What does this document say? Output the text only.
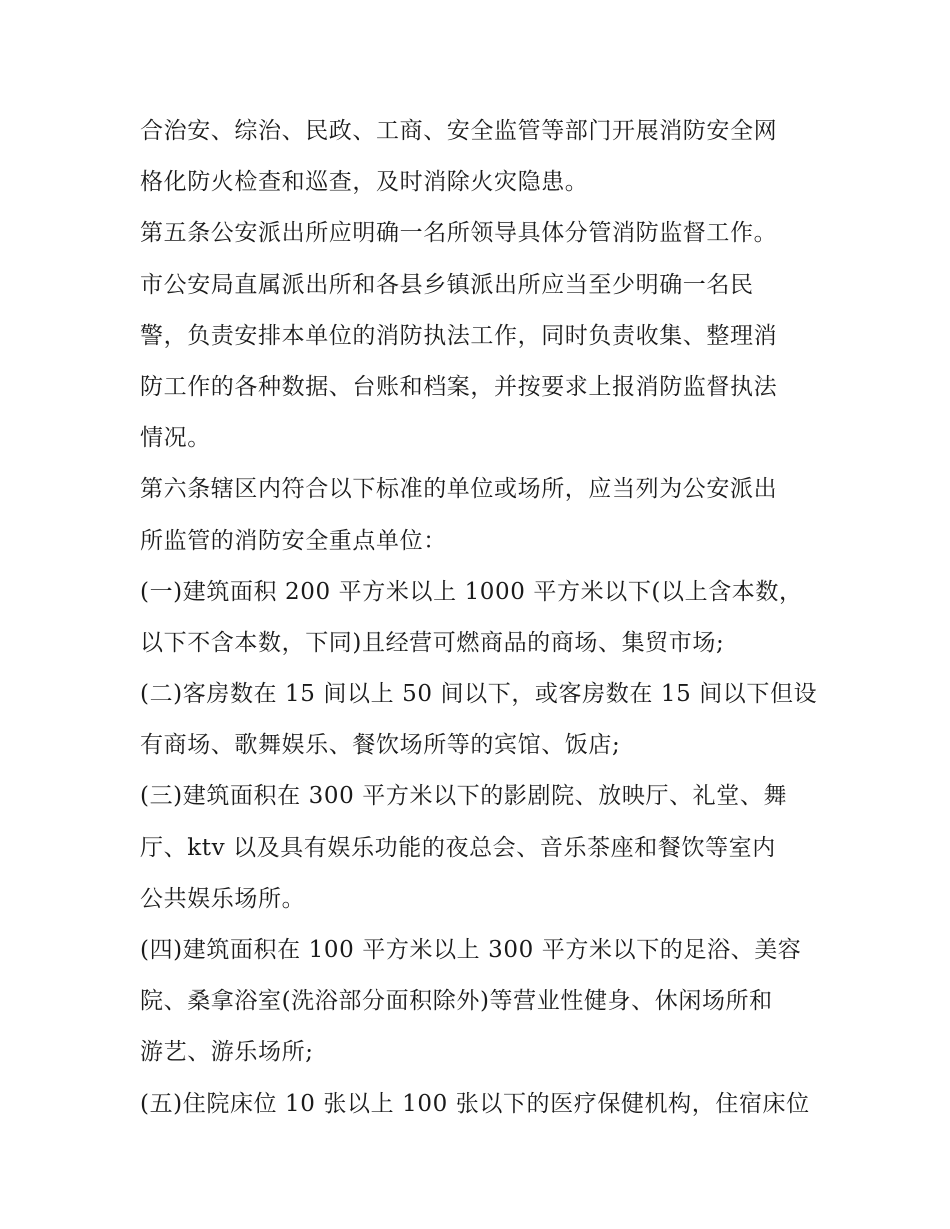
合治安、综治、民政、工商、安全监管等部门开展消防安全网
格化防火检查和巡查，及时消除火灾隐患。
第五条公安派出所应明确一名所领导具体分管消防监督工作。
市公安局直属派出所和各县乡镇派出所应当至少明确一名民
警，负责安排本单位的消防执法工作，同时负责收集、整理消
防工作的各种数据、台账和档案，并按要求上报消防监督执法
情况。
第六条辖区内符合以下标准的单位或场所，应当列为公安派出
所监管的消防安全重点单位：
(一)建筑面积 200 平方米以上 1000 平方米以下(以上含本数，
以下不含本数，下同)且经营可燃商品的商场、集贸市场;
(二)客房数在 15 间以上 50 间以下，或客房数在 15 间以下但设
有商场、歌舞娱乐、餐饮场所等的宾馆、饭店;
(三)建筑面积在 300 平方米以下的影剧院、放映厅、礼堂、舞
厅、ktv 以及具有娱乐功能的夜总会、音乐茶座和餐饮等室内
公共娱乐场所。
(四)建筑面积在 100 平方米以上 300 平方米以下的足浴、美容
院、桑拿浴室(洗浴部分面积除外)等营业性健身、休闲场所和
游艺、游乐场所;
(五)住院床位 10 张以上 100 张以下的医疗保健机构，住宿床位
